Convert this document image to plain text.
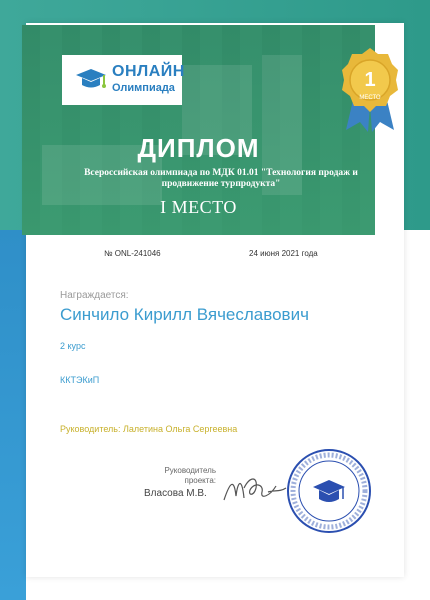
ОНЛАЙН
Олимпиада	1
МЕСТО
ДИПЛОМ
Всероссийская олимпиада по МДК 01.01 "Технология продаж и продвижение турпродукта"
I МЕСТО
№ ONL-241046	24 июня 2021 года
Награждается:
Синчило Кирилл Вячеславович
2 курс
ККТЭКиП
Руководитель: Лалетина Ольга Сергеевна
Руководитель проекта:
Власова М.В.
